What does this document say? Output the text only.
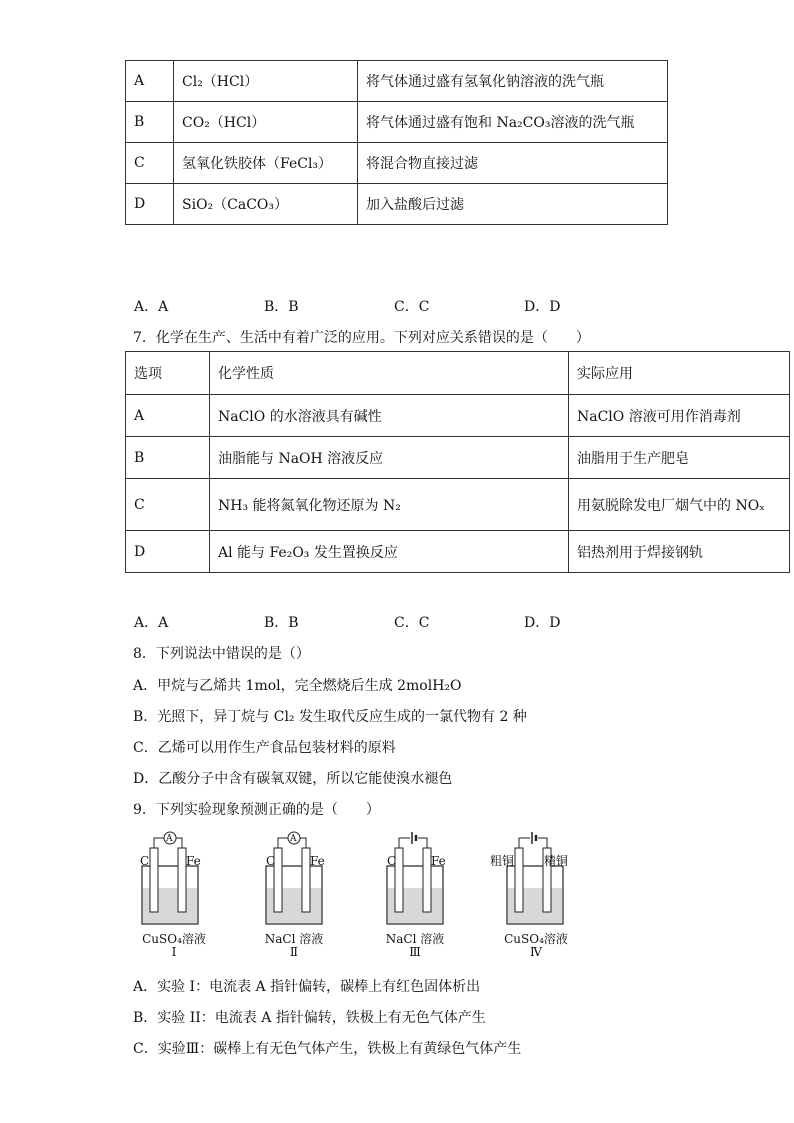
A	Cl₂（HCl）	将气体通过盛有氢氧化钠溶液的洗气瓶
B	CO₂（HCl）	将气体通过盛有饱和 Na₂CO₃溶液的洗气瓶
C	氢氧化铁胶体（FeCl₃）	将混合物直接过滤
D	SiO₂（CaCO₃）	加入盐酸后过滤
A．A	B．B	C．C	D．D
7．化学在生产、生活中有着广泛的应用。下列对应关系错误的是（　　）
选项	化学性质	实际应用
A	NaClO 的水溶液具有碱性	NaClO 溶液可用作消毒剂
B	油脂能与 NaOH 溶液反应	油脂用于生产肥皂
C	NH₃ 能将氮氧化物还原为 N₂	用氨脱除发电厂烟气中的 NOₓ
D	Al 能与 Fe₂O₃ 发生置换反应	铝热剂用于焊接钢轨
A．A	B．B	C．C	D．D
8．下列说法中错误的是（）
A．甲烷与乙烯共 1mol，完全燃烧后生成 2molH₂O
B．光照下，异丁烷与 Cl₂ 发生取代反应生成的一氯代物有 2 种
C．乙烯可以用作生产食品包装材料的原料
D．乙酸分子中含有碳氧双键，所以它能使溴水褪色
9．下列实验现象预测正确的是（　　）
C	Fe
A
CuSO₄溶液
Ⅰ
C	Fe
A
NaCl 溶液
Ⅱ
C	Fe
NaCl 溶液
Ⅲ
粗铜 精铜
CuSO₄溶液
Ⅳ
A．实验 I：电流表 A 指针偏转，碳棒上有红色固体析出
B．实验 II：电流表 A 指针偏转，铁极上有无色气体产生
C．实验Ⅲ：碳棒上有无色气体产生，铁极上有黄绿色气体产生
